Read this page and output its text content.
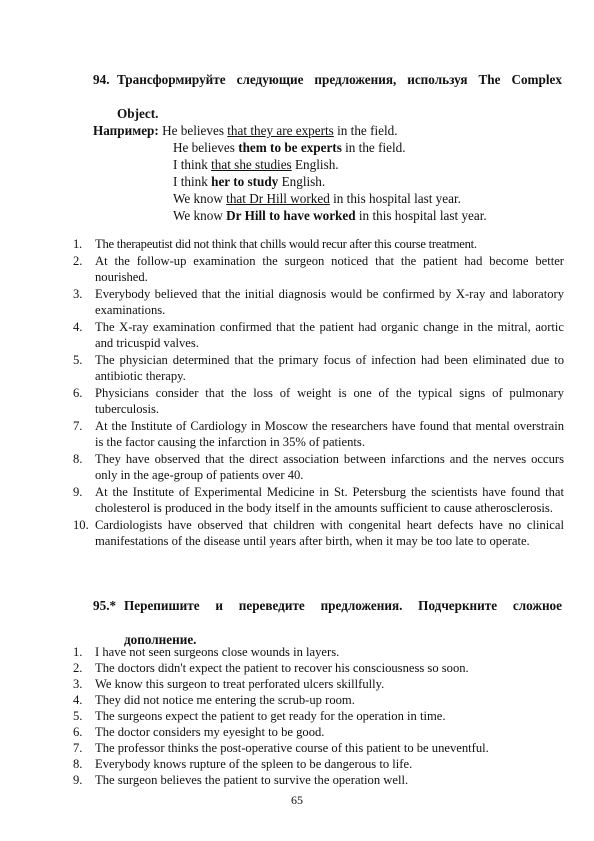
94. Трансформируйте следующие предложения, используя The Complex
Object.
Например: He believes that they are experts in the field.
He believes them to be experts in the field.
I think that she studies English.
I think her to study English.
We know that Dr Hill worked in this hospital last year.
We know Dr Hill to have worked in this hospital last year.
1. The therapeutist did not think that chills would recur after this course treatment.
2. At the follow-up examination the surgeon noticed that the patient had become better nourished.
3. Everybody believed that the initial diagnosis would be confirmed by X-ray and laboratory examinations.
4. The X-ray examination confirmed that the patient had organic change in the mitral, aortic and tricuspid valves.
5. The physician determined that the primary focus of infection had been eliminated due to antibiotic therapy.
6. Physicians consider that the loss of weight is one of the typical signs of pulmonary tuberculosis.
7. At the Institute of Cardiology in Moscow the researchers have found that mental overstrain is the factor causing the infarction in 35% of patients.
8. They have observed that the direct association between infarctions and the nerves occurs only in the age-group of patients over 40.
9. At the Institute of Experimental Medicine in St. Petersburg the scientists have found that cholesterol is produced in the body itself in the amounts sufficient to cause atherosclerosis.
10. Cardiologists have observed that children with congenital heart defects have no clinical manifestations of the disease until years after birth, when it may be too late to operate.
95.* Перепишите и переведите предложения. Подчеркните сложное
дополнение.
1. I have not seen surgeons close wounds in layers.
2. The doctors didn't expect the patient to recover his consciousness so soon.
3. We know this surgeon to treat perforated ulcers skillfully.
4. They did not notice me entering the scrub-up room.
5. The surgeons expect the patient to get ready for the operation in time.
6. The doctor considers my eyesight to be good.
7. The professor thinks the post-operative course of this patient to be uneventful.
8. Everybody knows rupture of the spleen to be dangerous to life.
9. The surgeon believes the patient to survive the operation well.
65
